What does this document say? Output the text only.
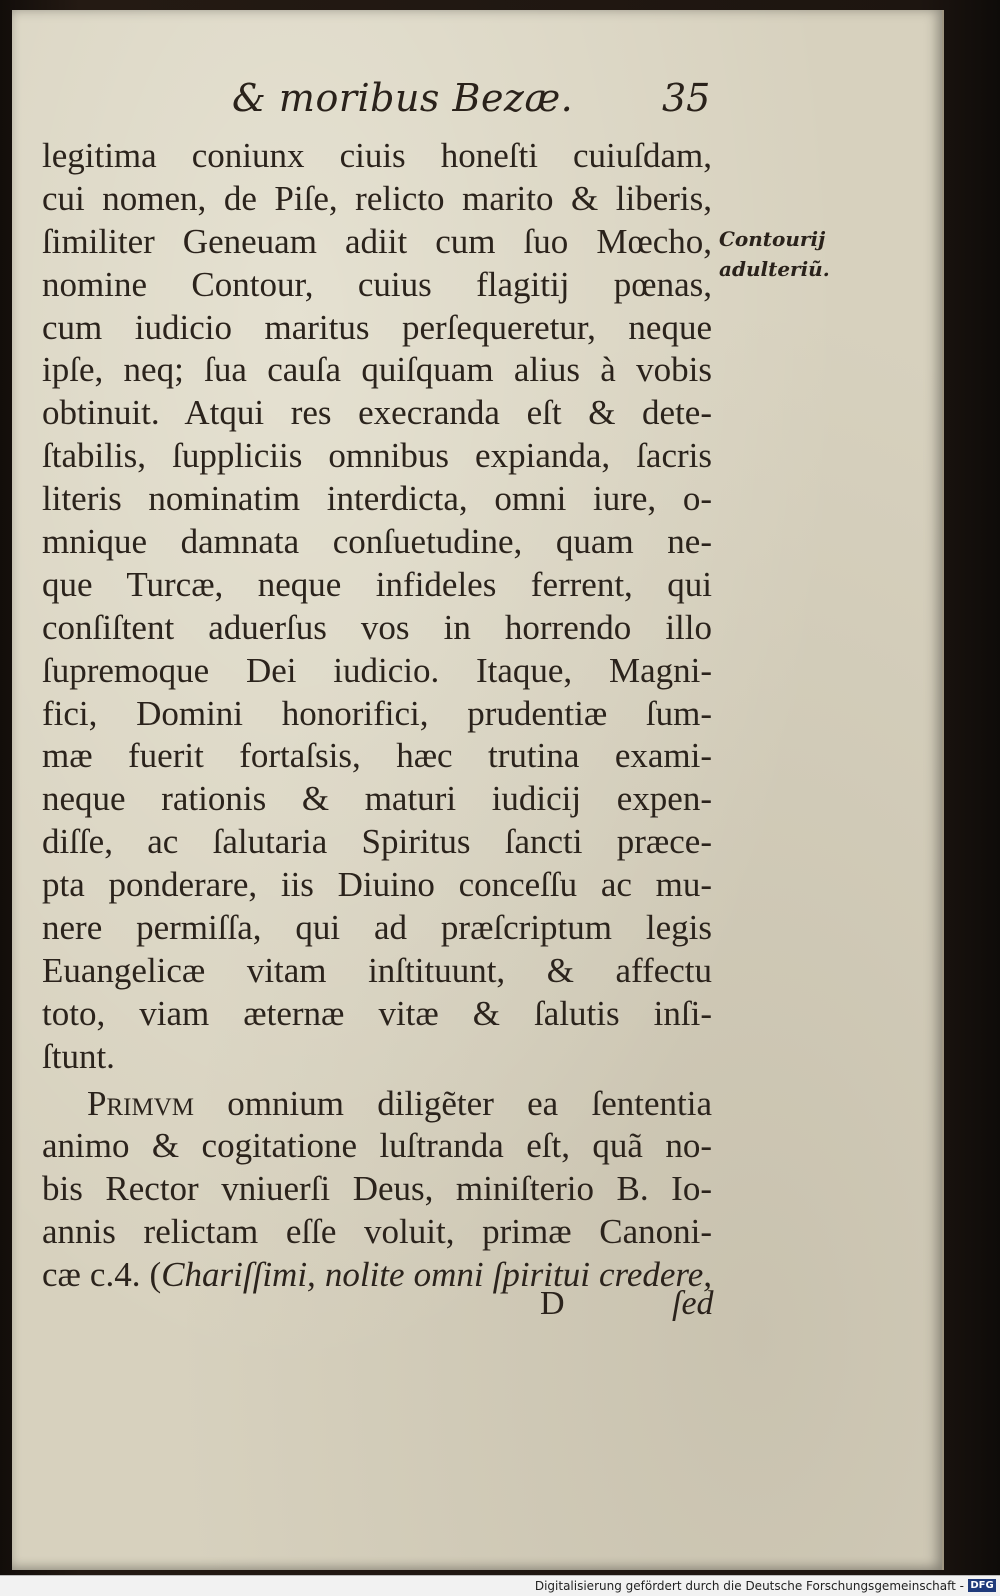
& moribus Bezæ. 35
legitima coniunx ciuis honeſti cuiuſdam,
cui nomen, de Piſe, relicto marito & liberis,
ſimiliter Geneuam adiit cum ſuo Mœcho,
nomine Contour, cuius flagitij pœnas,
cum iudicio maritus perſequeretur, neque
ipſe, neq; ſua cauſa quiſquam alius à vobis
obtinuit. Atqui res execranda eſt & dete-
ſtabilis, ſuppliciis omnibus expianda, ſacris
literis nominatim interdicta, omni iure, o-
mnique damnata conſuetudine, quam ne-
que Turcæ, neque infideles ferrent, qui
conſiſtent aduerſus vos in horrendo illo
ſupremoque Dei iudicio. Itaque, Magni-
fici, Domini honorifici, prudentiæ ſum-
mæ fuerit fortaſsis, hæc trutina exami-
neque rationis & maturi iudicij expen-
diſſe, ac ſalutaria Spiritus ſancti præce-
pta ponderare, iis Diuino conceſſu ac mu-
nere permiſſa, qui ad præſcriptum legis
Euangelicæ vitam inſtituunt, & affectu
toto, viam æternæ vitæ & ſalutis inſi-
ſtunt.
Primvm omnium diligẽter ea ſententia
animo & cogitatione luſtranda eſt, quã no-
bis Rector vniuerſi Deus, miniſterio B. Io-
annis relictam eſſe voluit, primæ Canoni-
cæ c.4. (Chariſſimi, nolite omni ſpiritui credere,
Contourij
adulteriũ.
D	ſed
Digitalisierung gefördert durch die Deutsche Forschungsgemeinschaft - DFG
